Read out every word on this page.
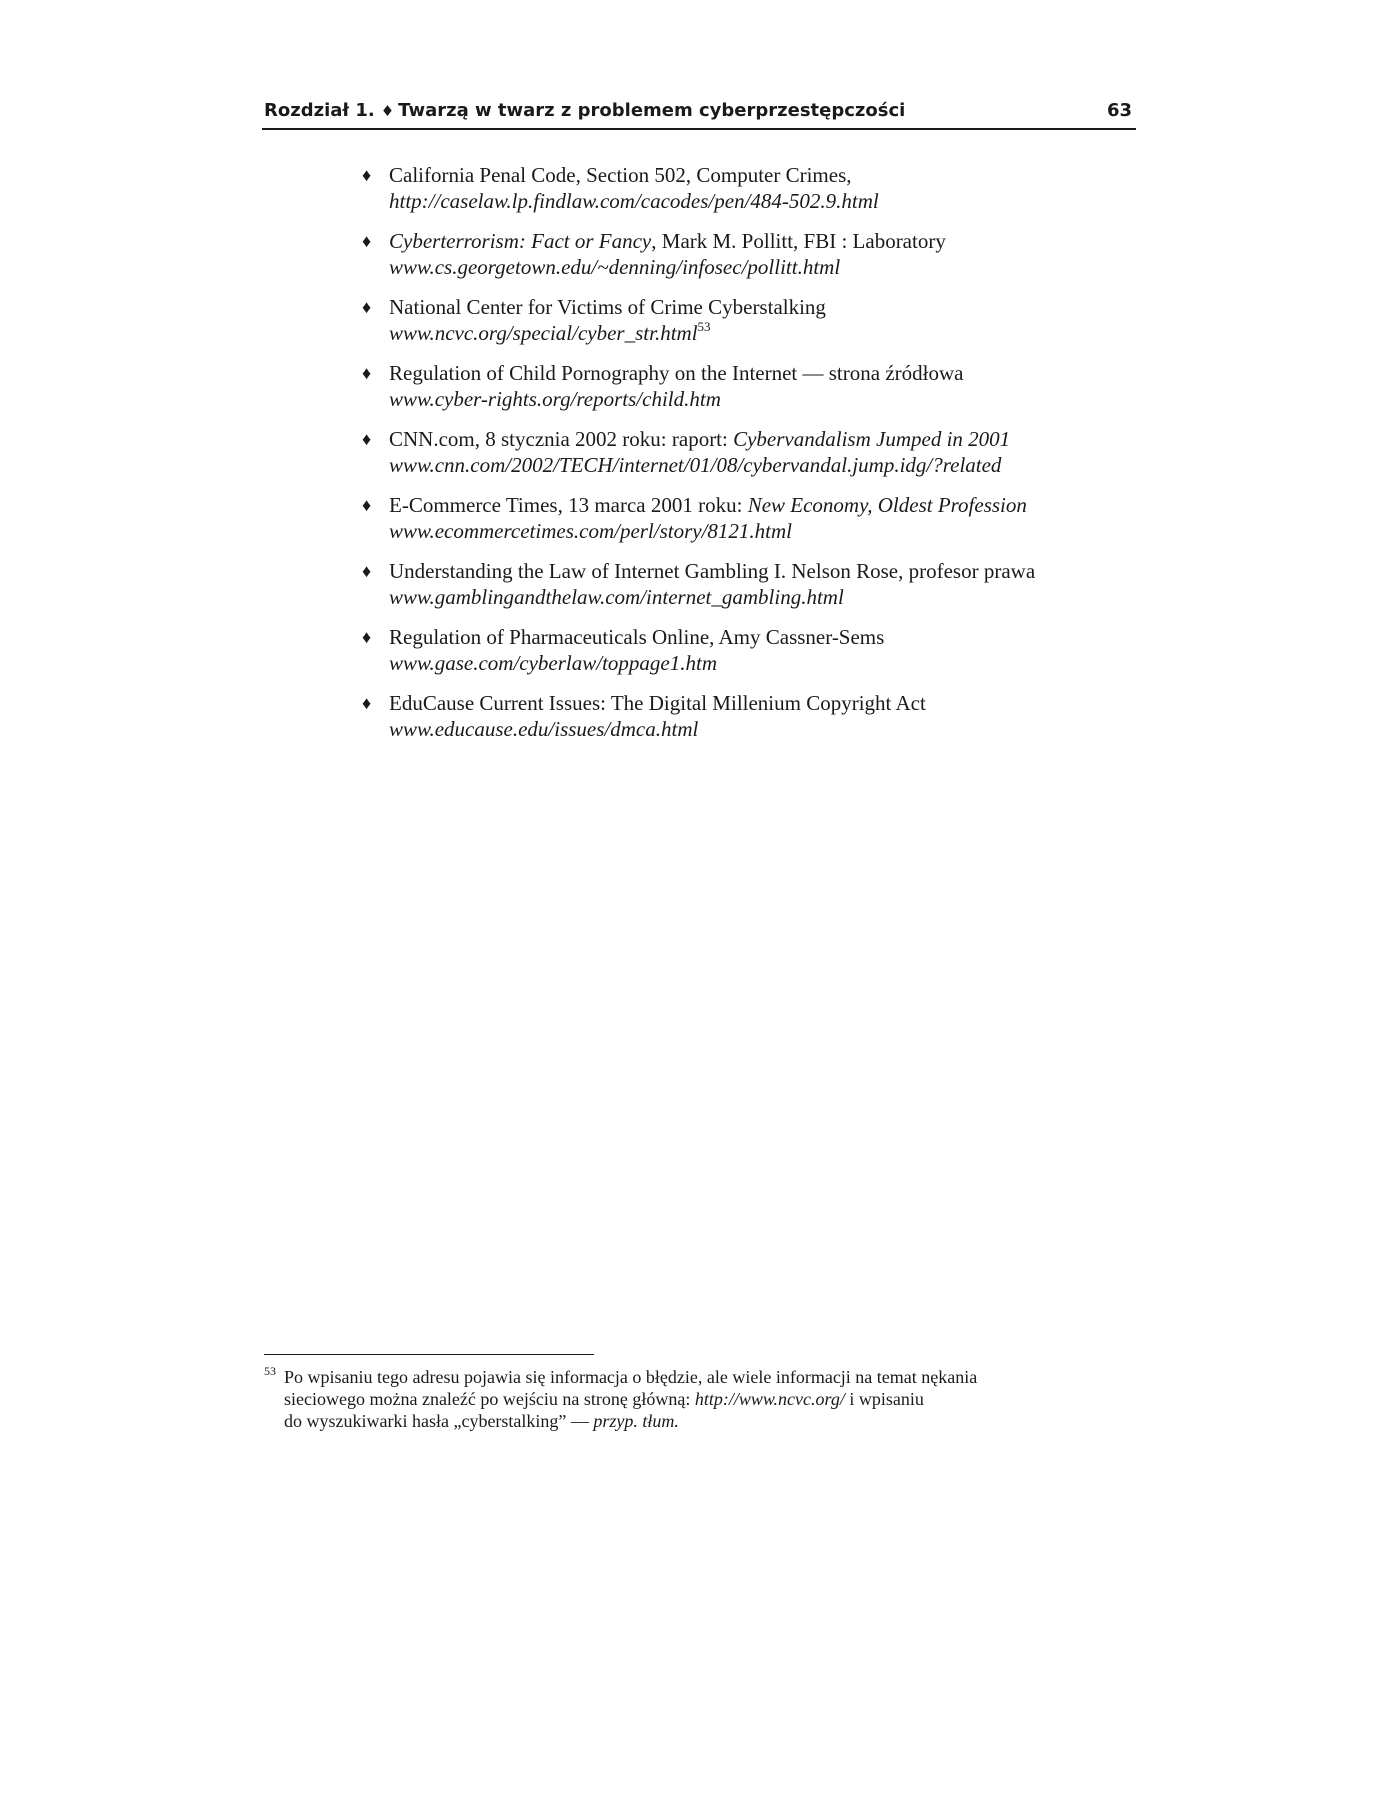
Rozdział 1. ♦ Twarzą w twarz z problemem cyberprzestępczości	63
♦ California Penal Code, Section 502, Computer Crimes,
http://caselaw.lp.findlaw.com/cacodes/pen/484-502.9.html
♦ Cyberterrorism: Fact or Fancy, Mark M. Pollitt, FBI : Laboratory
www.cs.georgetown.edu/~denning/infosec/pollitt.html
♦ National Center for Victims of Crime Cyberstalking
www.ncvc.org/special/cyber_str.html$^{53}$
♦ Regulation of Child Pornography on the Internet — strona źródłowa
www.cyber-rights.org/reports/child.htm
♦ CNN.com, 8 stycznia 2002 roku: raport: Cybervandalism Jumped in 2001
www.cnn.com/2002/TECH/internet/01/08/cybervandal.jump.idg/?related
♦ E-Commerce Times, 13 marca 2001 roku: New Economy, Oldest Profession
www.ecommercetimes.com/perl/story/8121.html
♦ Understanding the Law of Internet Gambling I. Nelson Rose, profesor prawa
www.gamblingandthelaw.com/internet_gambling.html
♦ Regulation of Pharmaceuticals Online, Amy Cassner-Sems
www.gase.com/cyberlaw/toppage1.htm
♦ EduCause Current Issues: The Digital Millenium Copyright Act
www.educause.edu/issues/dmca.html
53 Po wpisaniu tego adresu pojawia się informacja o błędzie, ale wiele informacji na temat nękania
sieciowego można znaleźć po wejściu na stronę główną: http://www.ncvc.org/ i wpisaniu
do wyszukiwarki hasła „cyberstalking” — przyp. tłum.
